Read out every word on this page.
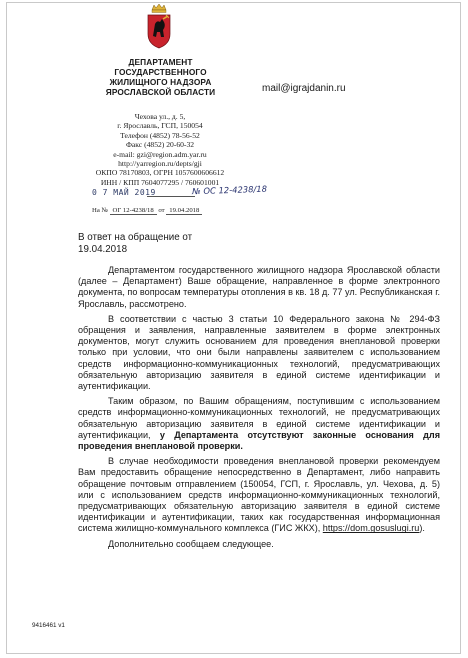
ДЕПАРТАМЕНТ
ГОСУДАРСТВЕННОГО
ЖИЛИЩНОГО НАДЗОРА
ЯРОСЛАВСКОЙ ОБЛАСТИ
Чехова ул., д. 5,
г. Ярославль, ГСП, 150054
Телефон (4852) 78-56-52
Факс (4852) 20-60-32
e-mail: gzi@region.adm.yar.ru
http://yarregion.ru/depts/gji
ОКПО 78170803, ОГРН 1057600606612
ИНН / КПП 7604077295 / 760601001
mail@igrajdanin.ru
0 7 МАЙ 2019	№ ОС 12-4238/18
На № ОГ 12-4238/18 от 19.04.2018
В ответ на обращение от
19.04.2018

Департаментом государственного жилищного надзора Ярославской области (далее – Департамент) Ваше обращение, направленное в форме электронного документа, по вопросам температуры отопления в кв. 18 д. 77 ул. Республиканская г. Ярославль, рассмотрено.

В соответствии с частью 3 статьи 10 Федерального закона № 294-ФЗ обращения и заявления, направленные заявителем в форме электронных документов, могут служить основанием для проведения внеплановой проверки только при условии, что они были направлены заявителем с использованием средств информационно-коммуникационных технологий, предусматривающих обязательную авторизацию заявителя в единой системе идентификации и аутентификации.

Таким образом, по Вашим обращениям, поступившим с использованием средств информационно-коммуникационных технологий, не предусматривающих обязательную авторизацию заявителя в единой системе идентификации и аутентификации, у Департамента отсутствуют законные основания для проведения внеплановой проверки.

В случае необходимости проведения внеплановой проверки рекомендуем Вам предоставить обращение непосредственно в Департамент, либо направить обращение почтовым отправлением (150054, ГСП, г. Ярославль, ул. Чехова, д. 5) или с использованием средств информационно-коммуникационных технологий, предусматривающих обязательную авторизацию заявителя в единой системе идентификации и аутентификации, таких как государственная информационная система жилищно-коммунального комплекса (ГИС ЖКХ), https://dom.gosuslugi.ru).

Дополнительно сообщаем следующее.

9416461 v1
